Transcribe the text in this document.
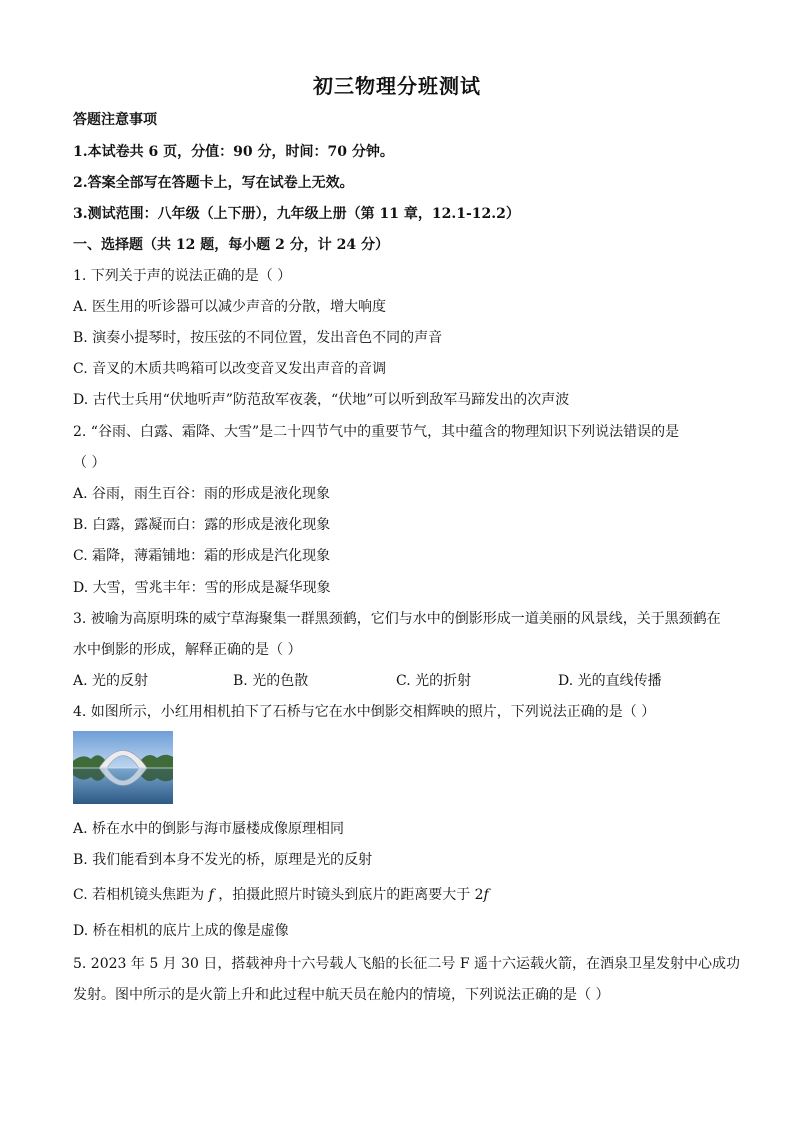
初三物理分班测试
答题注意事项
1.本试卷共 6 页，分值：90 分，时间：70 分钟。
2.答案全部写在答题卡上，写在试卷上无效。
3.测试范围：八年级（上下册），九年级上册（第 11 章，12.1-12.2）
一、选择题（共 12 题，每小题 2 分，计 24 分）
1. 下列关于声的说法正确的是（ ）
A. 医生用的听诊器可以减少声音的分散，增大响度
B. 演奏小提琴时，按压弦的不同位置，发出音色不同的声音
C. 音叉的木质共鸣箱可以改变音叉发出声音的音调
D. 古代士兵用“伏地听声”防范敌军夜袭，“伏地”可以听到敌军马蹄发出的次声波
2. “谷雨、白露、霜降、大雪”是二十四节气中的重要节气，其中蕴含的物理知识下列说法错误的是
（ ）
A. 谷雨，雨生百谷：雨的形成是液化现象
B. 白露，露凝而白：露的形成是液化现象
C. 霜降，薄霜铺地：霜的形成是汽化现象
D. 大雪，雪兆丰年：雪的形成是凝华现象
3. 被喻为高原明珠的威宁草海聚集一群黑颈鹤，它们与水中的倒影形成一道美丽的风景线，关于黑颈鹤在
水中倒影的形成，解释正确的是（ ）
A. 光的反射	B. 光的色散	C. 光的折射	D. 光的直线传播
4. 如图所示，小红用相机拍下了石桥与它在水中倒影交相辉映的照片，下列说法正确的是（ ）
A. 桥在水中的倒影与海市蜃楼成像原理相同
B. 我们能看到本身不发光的桥，原理是光的反射
C. 若相机镜头焦距为 𝑓 ，拍摄此照片时镜头到底片的距离要大于 2𝑓
D. 桥在相机的底片上成的像是虚像
5. 2023 年 5 月 30 日，搭载神舟十六号载人飞船的长征二号 F 遥十六运载火箭，在酒泉卫星发射中心成功
发射。图中所示的是火箭上升和此过程中航天员在舱内的情境，下列说法正确的是（ ）
